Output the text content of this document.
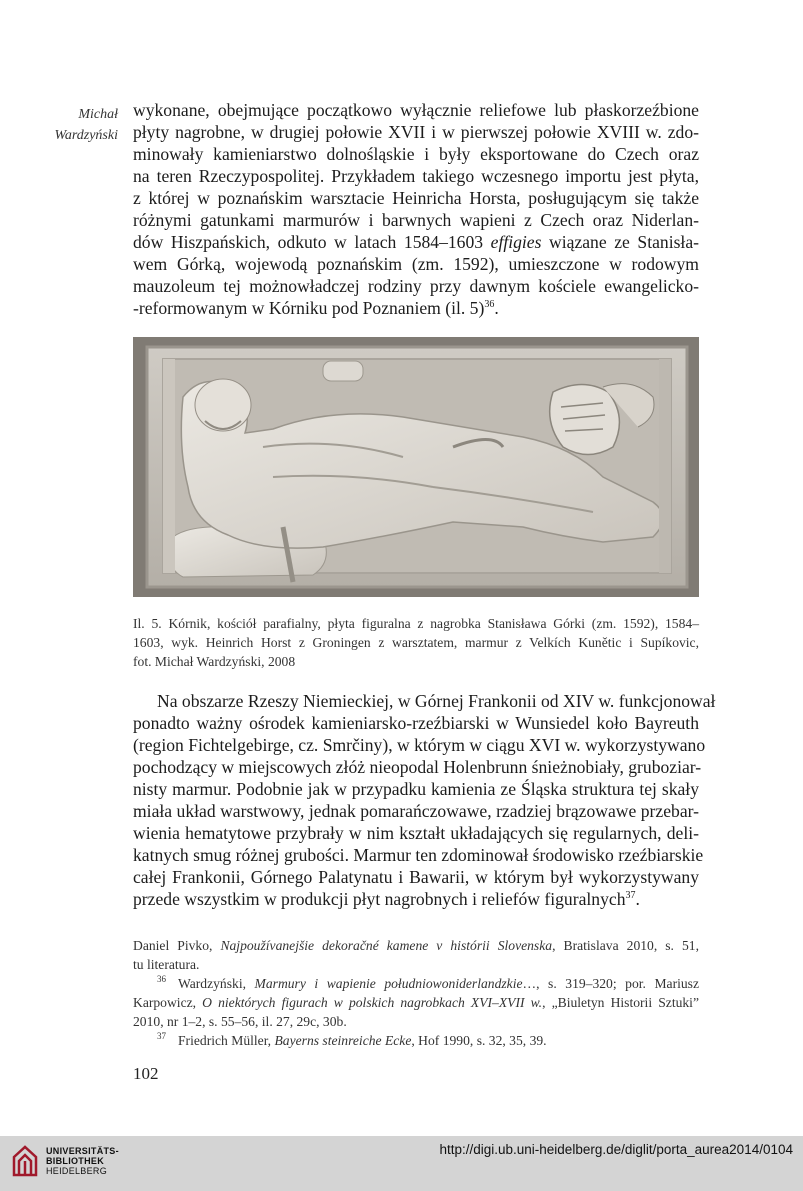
Michał
Wardzyński
wykonane, obejmujące początkowo wyłącznie reliefowe lub płaskorzeźbione
płyty nagrobne, w drugiej połowie XVII i w pierwszej połowie XVIII w. zdo-
minowały kamieniarstwo dolnośląskie i były eksportowane do Czech oraz
na teren Rzeczypospolitej. Przykładem takiego wczesnego importu jest płyta,
z której w poznańskim warsztacie Heinricha Horsta, posługującym się także
różnymi gatunkami marmurów i barwnych wapieni z Czech oraz Niderlan-
dów Hiszpańskich, odkuto w latach 1584–1603 effigies wiązane ze Stanisła-
wem Górką, wojewodą poznańskim (zm. 1592), umieszczone w rodowym
mauzoleum tej możnowładczej rodziny przy dawnym kościele ewangelicko-
-reformowanym w Kórniku pod Poznaniem (il. 5)$^{36}$.
Il. 5. Kórnik, kościół parafialny, płyta figuralna z nagrobka Stanisława Górki (zm. 1592), 1584–
1603, wyk. Heinrich Horst z Groningen z warsztatem, marmur z Velkích Kunětic i Supíkovic,
fot. Michał Wardzyński, 2008
Na obszarze Rzeszy Niemieckiej, w Górnej Frankonii od XIV w. funkcjonował
ponadto ważny ośrodek kamieniarsko-rzeźbiarski w Wunsiedel koło Bayreuth
(region Fichtelgebirge, cz. Smrčiny), w którym w ciągu XVI w. wykorzystywano
pochodzący w miejscowych złóż nieopodal Holenbrunn śnieżnobiały, gruboziar-
nisty marmur. Podobnie jak w przypadku kamienia ze Śląska struktura tej skały
miała układ warstwowy, jednak pomarańczowawe, rzadziej brązowawe przebar-
wienia hematytowe przybrały w nim kształt układających się regularnych, deli-
katnych smug różnej grubości. Marmur ten zdominował środowisko rzeźbiarskie
całej Frankonii, Górnego Palatynatu i Bawarii, w którym był wykorzystywany
przede wszystkim w produkcji płyt nagrobnych i reliefów figuralnych$^{37}$.
Daniel Pivko, Najpoužívanejšie dekoračné kamene v histórii Slovenska, Bratislava 2010, s. 51,
tu literatura.
$^{36}$ Wardzyński, Marmury i wapienie południowoniderlandzkie…, s. 319–320; por. Mariusz
Karpowicz, O niektórych figurach w polskich nagrobkach XVI–XVII w., „Biuletyn Historii Sztuki”
2010, nr 1–2, s. 55–56, il. 27, 29c, 30b.
$^{37}$ Friedrich Müller, Bayerns steinreiche Ecke, Hof 1990, s. 32, 35, 39.
102
UNIVERSITÄTS-
BIBLIOTHEK
HEIDELBERG
http://digi.ub.uni-heidelberg.de/diglit/porta_aurea2014/0104
